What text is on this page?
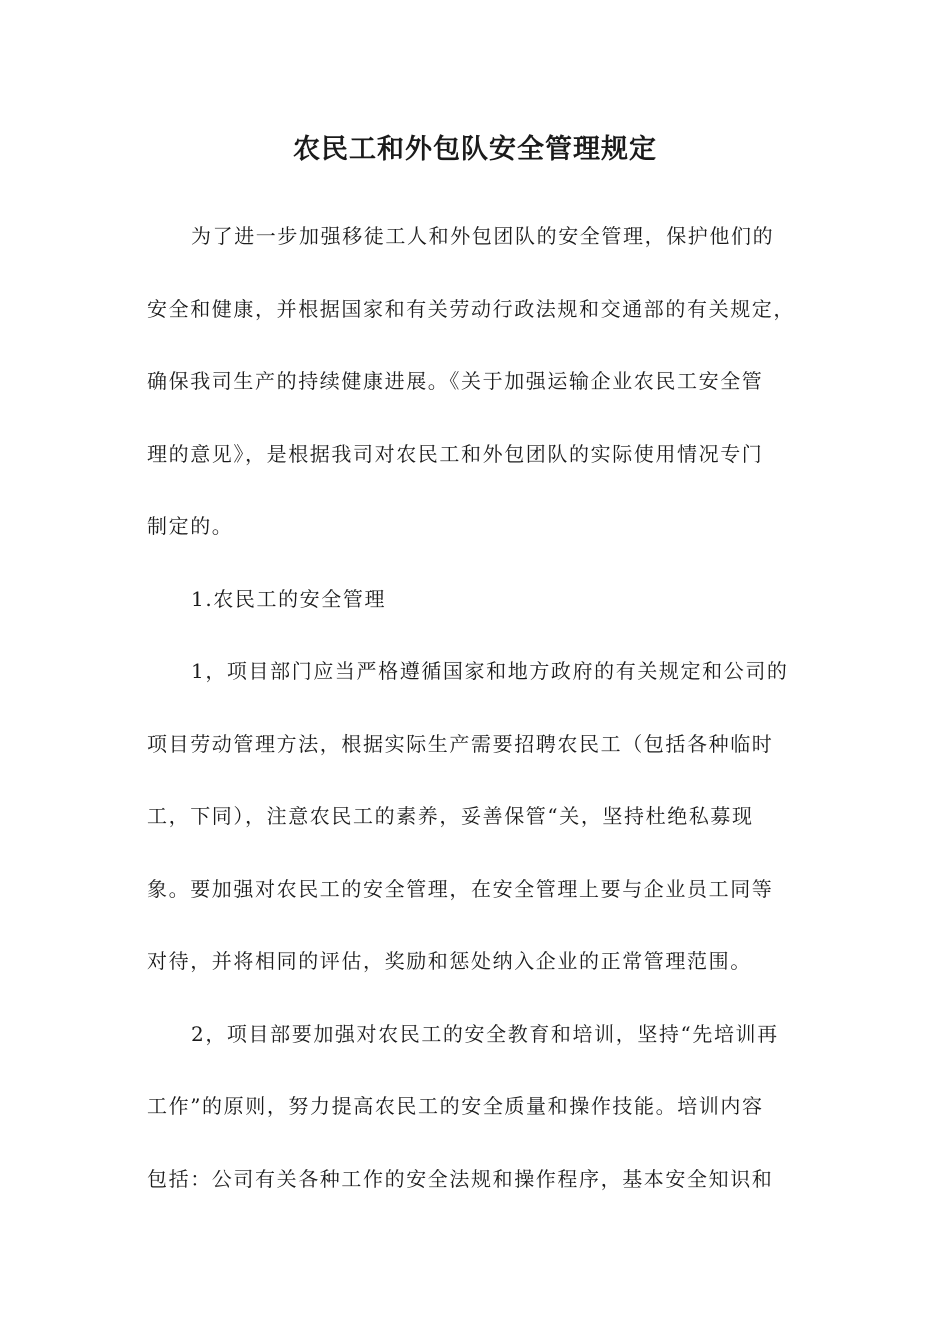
农民工和外包队安全管理规定
为了进一步加强移徒工人和外包团队的安全管理，保护他们的
安全和健康，并根据国家和有关劳动行政法规和交通部的有关规定，
确保我司生产的持续健康进展。《关于加强运输企业农民工安全管
理的意见》，是根据我司对农民工和外包团队的实际使用情况专门
制定的。
1.农民工的安全管理
1，项目部门应当严格遵循国家和地方政府的有关规定和公司的
项目劳动管理方法，根据实际生产需要招聘农民工（包括各种临时
工，下同），注意农民工的素养，妥善保管“关，坚持杜绝私募现
象。要加强对农民工的安全管理，在安全管理上要与企业员工同等
对待，并将相同的评估，奖励和惩处纳入企业的正常管理范围。
2，项目部要加强对农民工的安全教育和培训，坚持“先培训再
工作”的原则，努力提高农民工的安全质量和操作技能。培训内容
包括：公司有关各种工作的安全法规和操作程序，基本安全知识和
